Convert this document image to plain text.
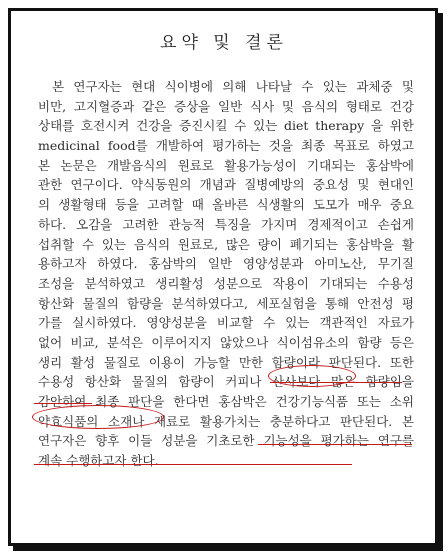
요약 및 결론
본 연구자는 현대 식이병에 의해 나타날 수 있는 과체중 및
비만, 고지혈증과 같은 증상을 일반 식사 및 음식의 형태로 건강
상태를 호전시켜 건강을 증진시킬 수 있는 diet therapy 을 위한
medicinal food를 개발하여 평가하는 것을 최종 목표로 하였고
본 논문은 개발음식의 원료로 활용가능성이 기대되는 홍삼박에
관한 연구이다. 약식동원의 개념과 질병예방의 중요성 및 현대인
의 생활형태 등을 고려할 때 올바른 식생활의 도모가 매우 중요
하다. 오감을 고려한 관능적 특징을 가지며 경제적이고 손쉽게
섭취할 수 있는 음식의 원료로, 많은 량이 폐기되는 홍삼박을 활
용하고자 하였다. 홍삼박의 일반 영양성분과 아미노산, 무기질
조성을 분석하였고 생리활성 성분으로 작용이 기대되는 수용성
항산화 물질의 함량을 분석하였다고, 세포실험을 통해 안전성 평
가를 실시하였다. 영양성분을 비교할 수 있는 객관적인 자료가
없어 비교, 분석은 이루어지지 않았으나 식이섬유소의 함량 등은
생리 활성 물질로 이용이 가능할 만한 함량이라 판단된다. 또한
수용성 항산화 물질의 함량이 커피나 산사보다 많은 함량임을
감안하여 최종 판단을 한다면 홍삼박은 건강기능식품 또는 소위
약효식품의 소재나 재료로 활용가치는 충분하다고 판단된다. 본
연구자은 향후 이들 성분을 기초로한 기능성을 평가하는 연구를
계속 수행하고자 한다.
